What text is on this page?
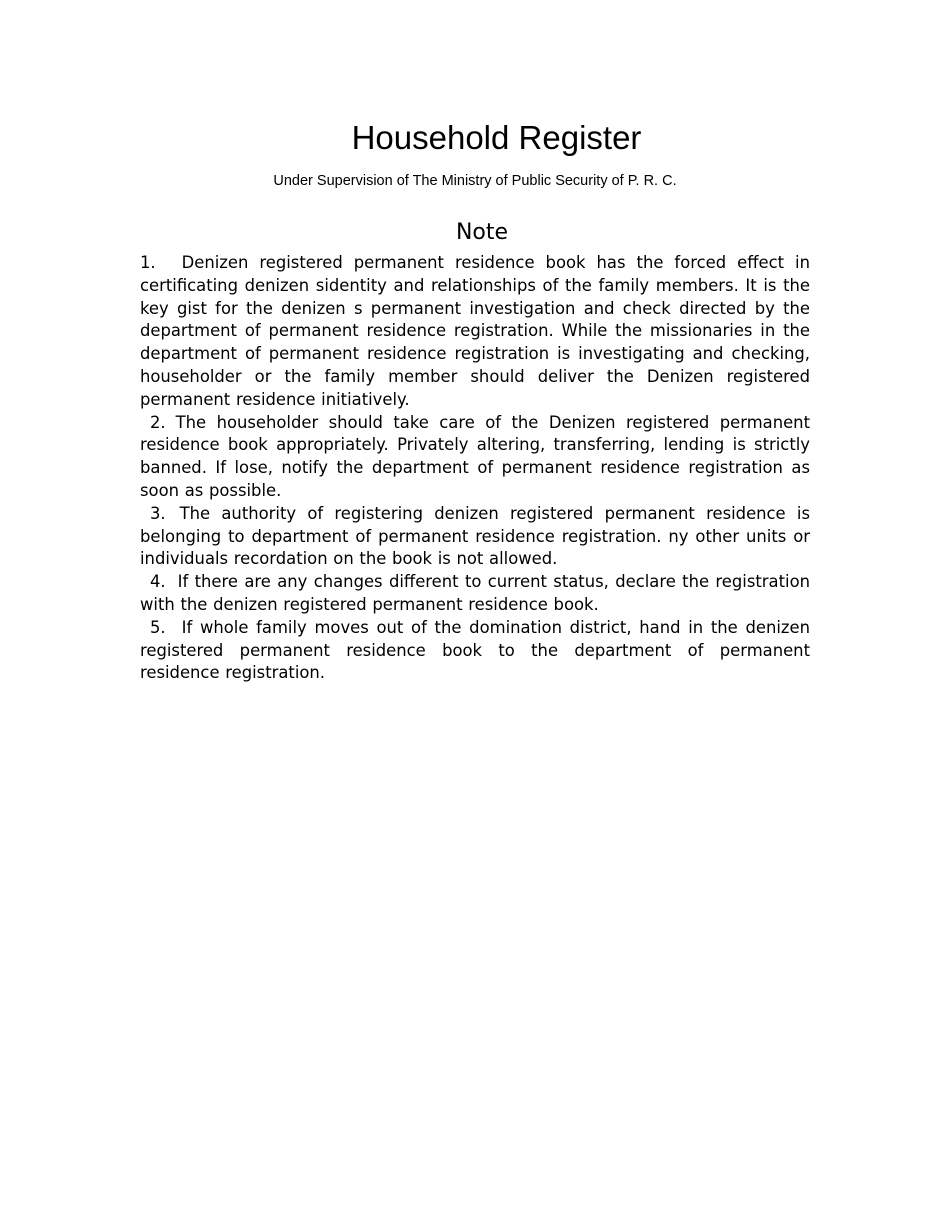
Household Register

Under Supervision of The Ministry of Public Security of P. R. C.

Note
1. Denizen registered permanent residence book has the forced effect in certificating denizen sidentity and relationships of the family members. It is the key gist for the denizen s permanent investigation and check directed by the department of permanent residence registration. While the missionaries in the department of permanent residence registration is investigating and checking, householder or the family member should deliver the Denizen registered permanent residence initiatively.
2. The householder should take care of the Denizen registered permanent residence book appropriately. Privately altering, transferring, lending is strictly banned. If lose, notify the department of permanent residence registration as soon as possible.
3. The authority of registering denizen registered permanent residence is belonging to department of permanent residence registration. ny other units or individuals recordation on the book is not allowed.
4. If there are any changes different to current status, declare the registration with the denizen registered permanent residence book.
5. If whole family moves out of the domination district, hand in the denizen registered permanent residence book to the department of permanent residence registration.
